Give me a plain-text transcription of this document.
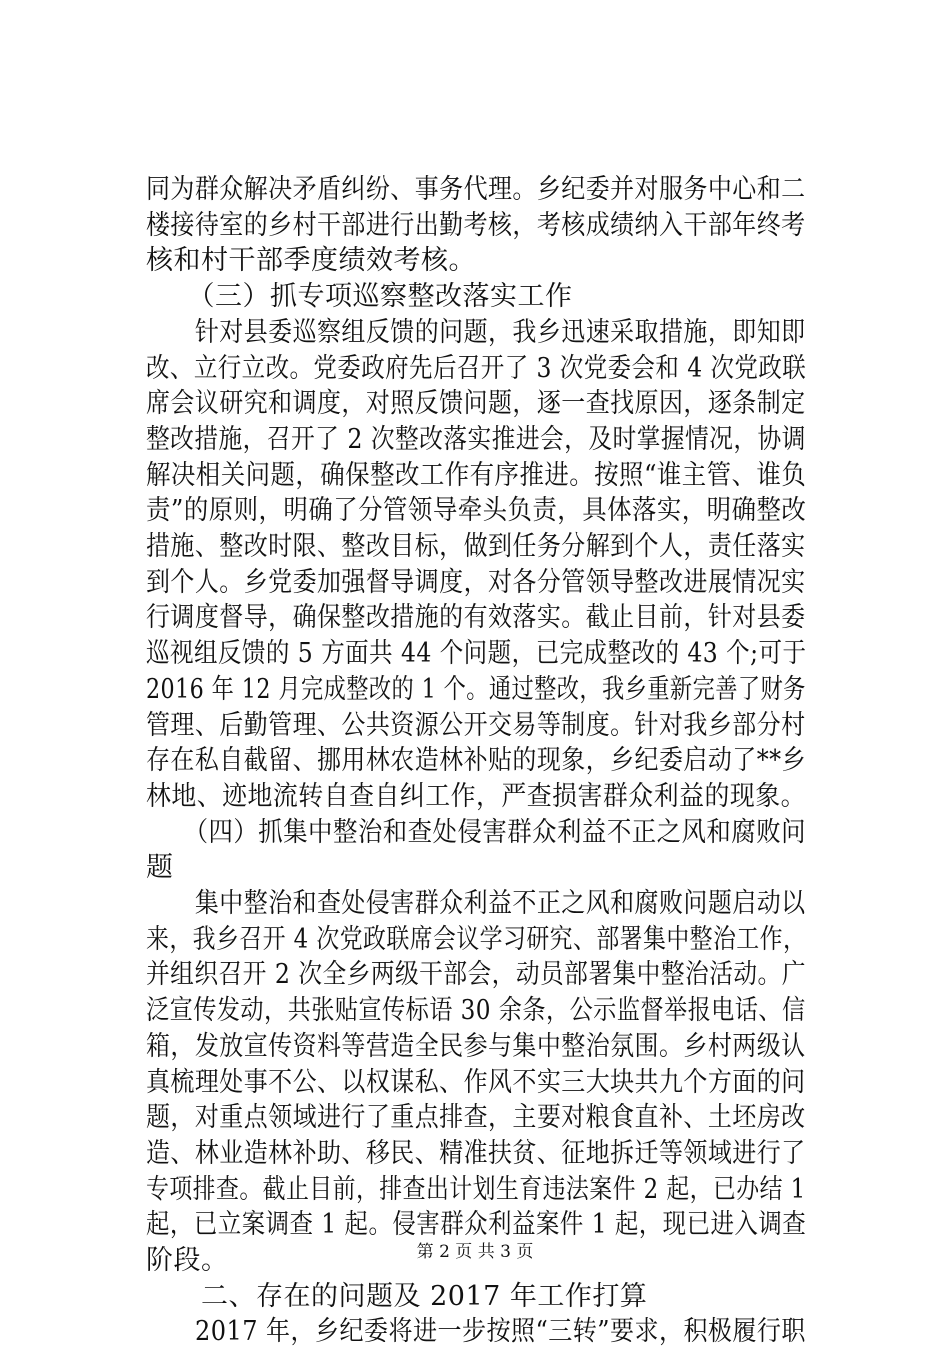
同为群众解决矛盾纠纷、事务代理。乡纪委并对服务中心和二
楼接待室的乡村干部进行出勤考核，考核成绩纳入干部年终考
核和村干部季度绩效考核。
　　（三）抓专项巡察整改落实工作
　　针对县委巡察组反馈的问题，我乡迅速采取措施，即知即
改、立行立改。党委政府先后召开了 3 次党委会和 4 次党政联
席会议研究和调度，对照反馈问题，逐一查找原因，逐条制定
整改措施，召开了 2 次整改落实推进会，及时掌握情况，协调
解决相关问题，确保整改工作有序推进。按照“谁主管、谁负
责”的原则，明确了分管领导牵头负责，具体落实，明确整改
措施、整改时限、整改目标，做到任务分解到个人，责任落实
到个人。乡党委加强督导调度，对各分管领导整改进展情况实
行调度督导，确保整改措施的有效落实。截止目前，针对县委
巡视组反馈的 5 方面共 44 个问题，已完成整改的 43 个;可于
2016 年 12 月完成整改的 1 个。通过整改，我乡重新完善了财务
管理、后勤管理、公共资源公开交易等制度。针对我乡部分村
存在私自截留、挪用林农造林补贴的现象，乡纪委启动了**乡
林地、迹地流转自查自纠工作，严查损害群众利益的现象。
　　（四）抓集中整治和查处侵害群众利益不正之风和腐败问
题
　　集中整治和查处侵害群众利益不正之风和腐败问题启动以
来，我乡召开 4 次党政联席会议学习研究、部署集中整治工作，
并组织召开 2 次全乡两级干部会，动员部署集中整治活动。广
泛宣传发动，共张贴宣传标语 30 余条，公示监督举报电话、信
箱，发放宣传资料等营造全民参与集中整治氛围。乡村两级认
真梳理处事不公、以权谋私、作风不实三大块共九个方面的问
题，对重点领域进行了重点排查，主要对粮食直补、土坯房改
造、林业造林补助、移民、精准扶贫、征地拆迁等领域进行了
专项排查。截止目前，排查出计划生育违法案件 2 起，已办结 1
起，已立案调查 1 起。侵害群众利益案件 1 起，现已进入调查
阶段。
　　二、存在的问题及 2017 年工作打算
　　2017 年，乡纪委将进一步按照“三转”要求，积极履行职
第 2 页 共 3 页
